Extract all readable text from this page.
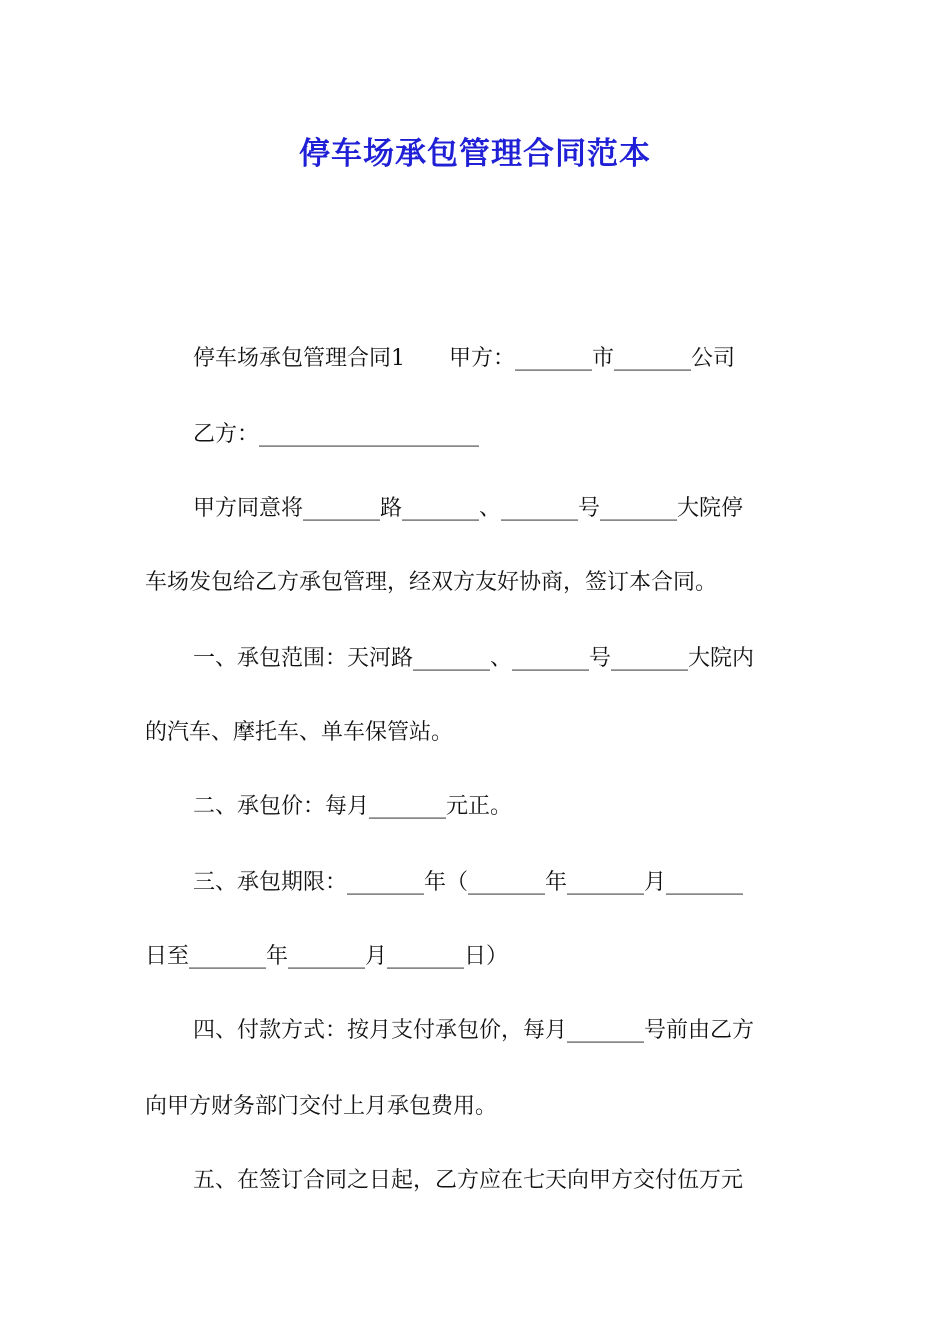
停车场承包管理合同范本
停车场承包管理合同1　　甲方：_______市_______公司
乙方：____________________
甲方同意将_______路_______、_______号_______大院停
车场发包给乙方承包管理，经双方友好协商，签订本合同。
一、承包范围：天河路_______、_______号_______大院内
的汽车、摩托车、单车保管站。
二、承包价：每月_______元正。
三、承包期限：_______年（_______年_______月_______
日至_______年_______月_______日）
四、付款方式：按月支付承包价，每月_______号前由乙方
向甲方财务部门交付上月承包费用。
五、在签订合同之日起，乙方应在七天向甲方交付伍万元
